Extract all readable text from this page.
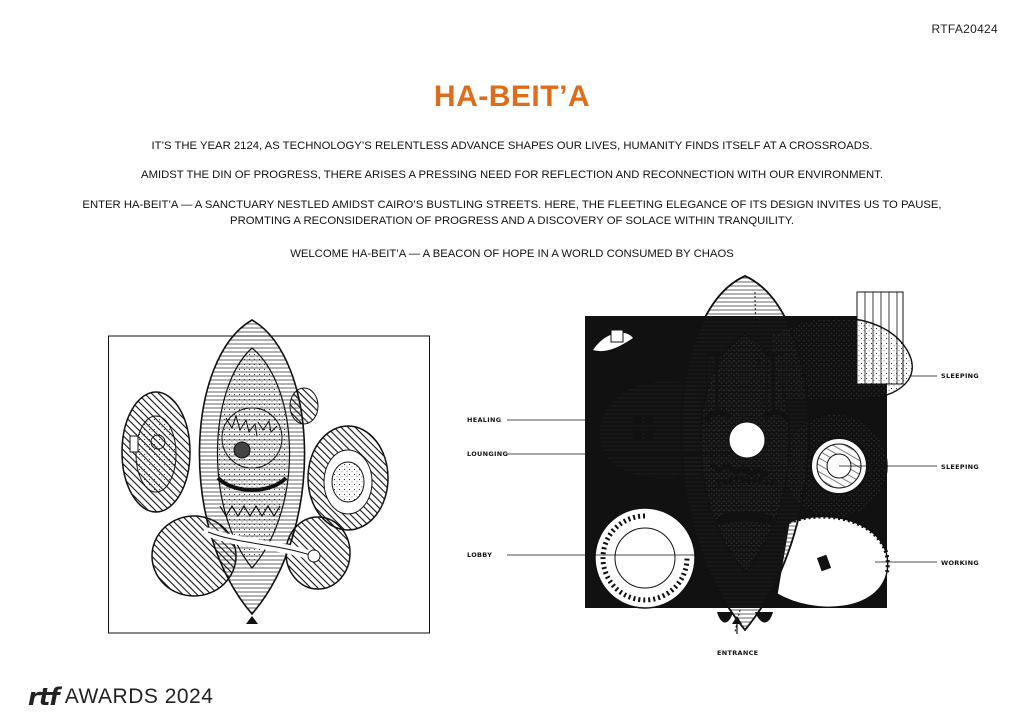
RTFA20424
HA-BEIT’A

IT’S THE YEAR 2124, AS TECHNOLOGY’S RELENTLESS ADVANCE SHAPES OUR LIVES, HUMANITY FINDS ITSELF AT A CROSSROADS.

AMIDST THE DIN OF PROGRESS, THERE ARISES A PRESSING NEED FOR REFLECTION AND RECONNECTION WITH OUR ENVIRONMENT.

ENTER HA-BEIT’A — A SANCTUARY NESTLED AMIDST CAIRO’S BUSTLING STREETS. HERE, THE FLEETING ELEGANCE OF ITS DESIGN INVITES US TO PAUSE,
PROMTING A RECONSIDERATION OF PROGRESS AND A DISCOVERY OF SOLACE WITHIN TRANQUILITY.

WELCOME HA-BEIT’A — A BEACON OF HOPE IN A WORLD CONSUMED BY CHAOS

SLEEPING
HEALING
LOUNGING
SLEEPING
LOBBY
WORKING
ENTRANCE
rtf AWARDS 2024
